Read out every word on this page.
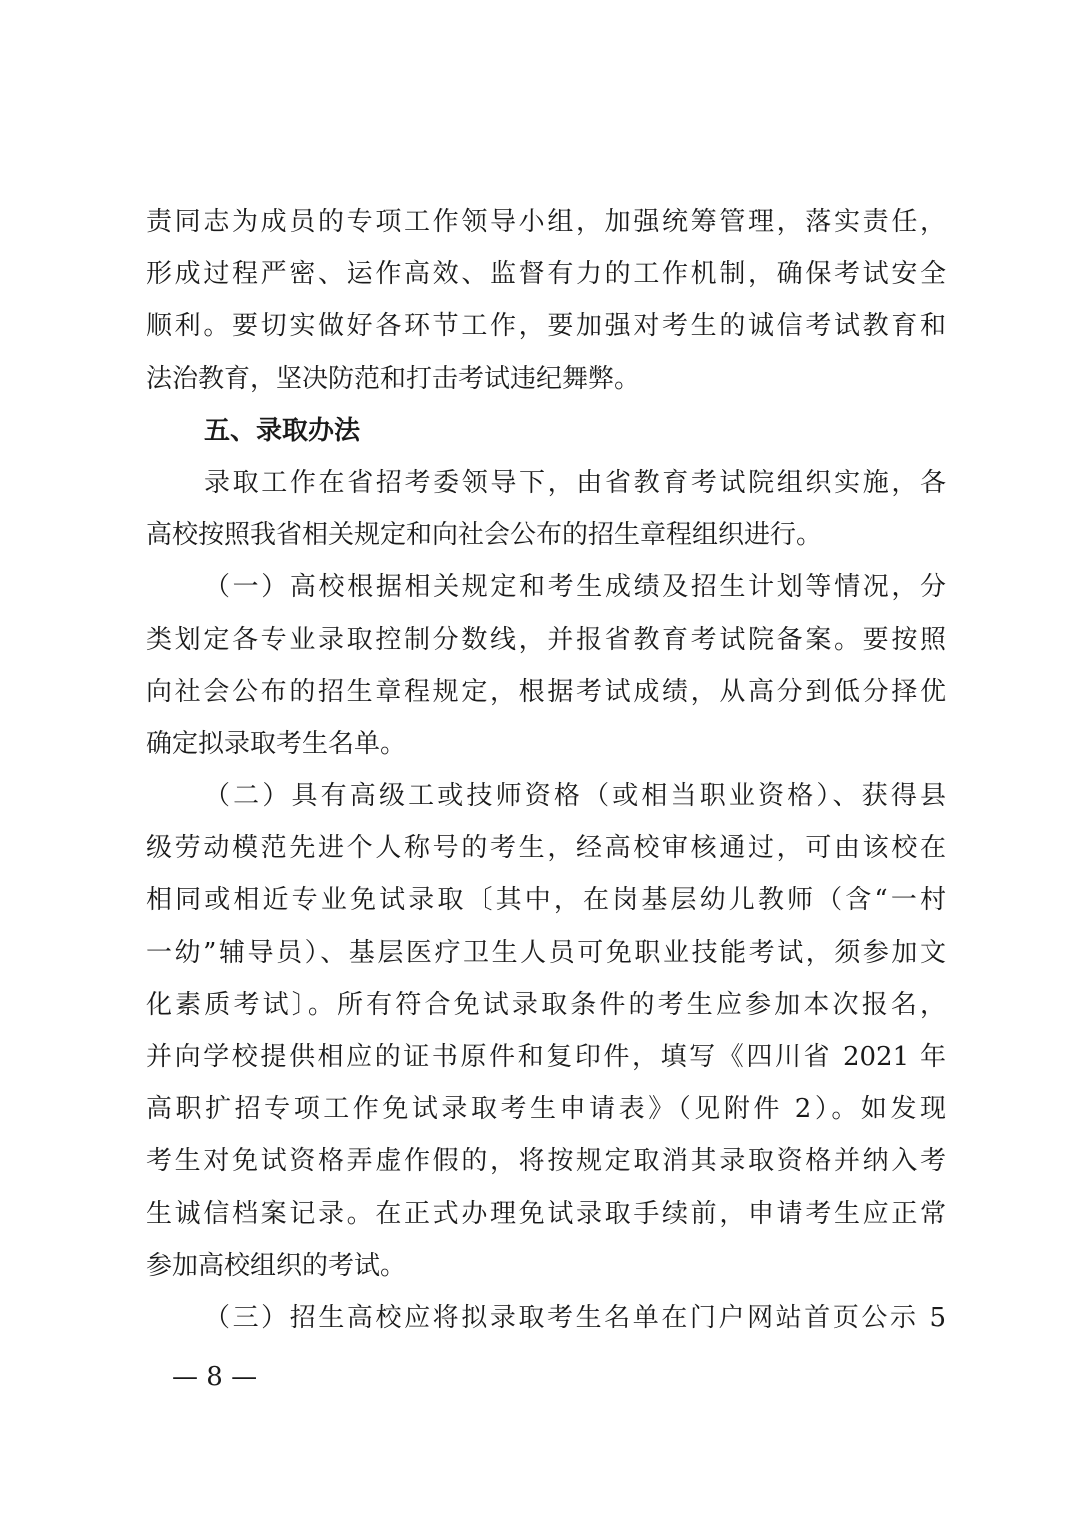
责同志为成员的专项工作领导小组，加强统筹管理，落实责任，
形成过程严密、运作高效、监督有力的工作机制，确保考试安全
顺利。要切实做好各环节工作，要加强对考生的诚信考试教育和
法治教育，坚决防范和打击考试违纪舞弊。
五、录取办法
录取工作在省招考委领导下，由省教育考试院组织实施，各
高校按照我省相关规定和向社会公布的招生章程组织进行。
（一）高校根据相关规定和考生成绩及招生计划等情况，分
类划定各专业录取控制分数线，并报省教育考试院备案。要按照
向社会公布的招生章程规定，根据考试成绩，从高分到低分择优
确定拟录取考生名单。
（二）具有高级工或技师资格（或相当职业资格）、获得县
级劳动模范先进个人称号的考生，经高校审核通过，可由该校在
相同或相近专业免试录取〔其中，在岗基层幼儿教师（含“一村
一幼”辅导员）、基层医疗卫生人员可免职业技能考试，须参加文
化素质考试〕。所有符合免试录取条件的考生应参加本次报名，
并向学校提供相应的证书原件和复印件，填写《四川省 2021 年
高职扩招专项工作免试录取考生申请表》（见附件 2）。如发现
考生对免试资格弄虚作假的，将按规定取消其录取资格并纳入考
生诚信档案记录。在正式办理免试录取手续前，申请考生应正常
参加高校组织的考试。
（三）招生高校应将拟录取考生名单在门户网站首页公示 5
— 8 —
